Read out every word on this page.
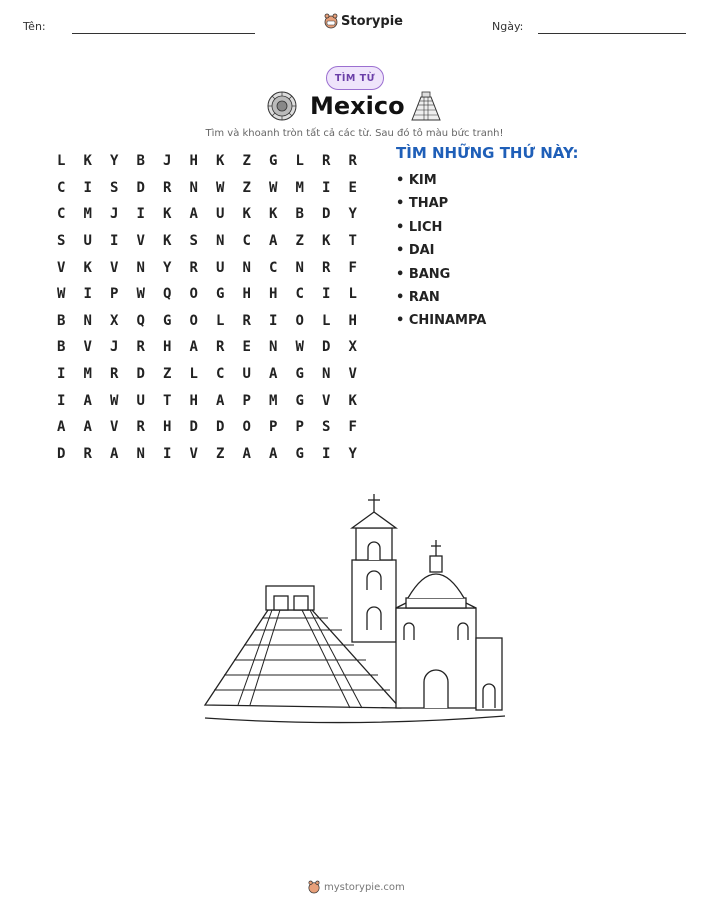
Tên:	Storypie	Ngày:
TÌM TỪ
Mexico
Tìm và khoanh tròn tất cả các từ. Sau đó tô màu bức tranh!
L	K	Y	B	J	H	K	Z	G	L	R	R
C	I	S	D	R	N	W	Z	W	M	I	E
C	M	J	I	K	A	U	K	K	B	D	Y
S	U	I	V	K	S	N	C	A	Z	K	T
V	K	V	N	Y	R	U	N	C	N	R	F
W	I	P	W	Q	O	G	H	H	C	I	L
B	N	X	Q	G	O	L	R	I	O	L	H
B	V	J	R	H	A	R	E	N	W	D	X
I	M	R	D	Z	L	C	U	A	G	N	V
I	A	W	U	T	H	A	P	M	G	V	K
A	A	V	R	H	D	D	O	P	P	S	F
D	R	A	N	I	V	Z	A	A	G	I	Y
TÌM NHỮNG THỨ NÀY:
• KIM
• THAP
• LICH
• DAI
• BANG
• RAN
• CHINAMPA
mystorypie.com
